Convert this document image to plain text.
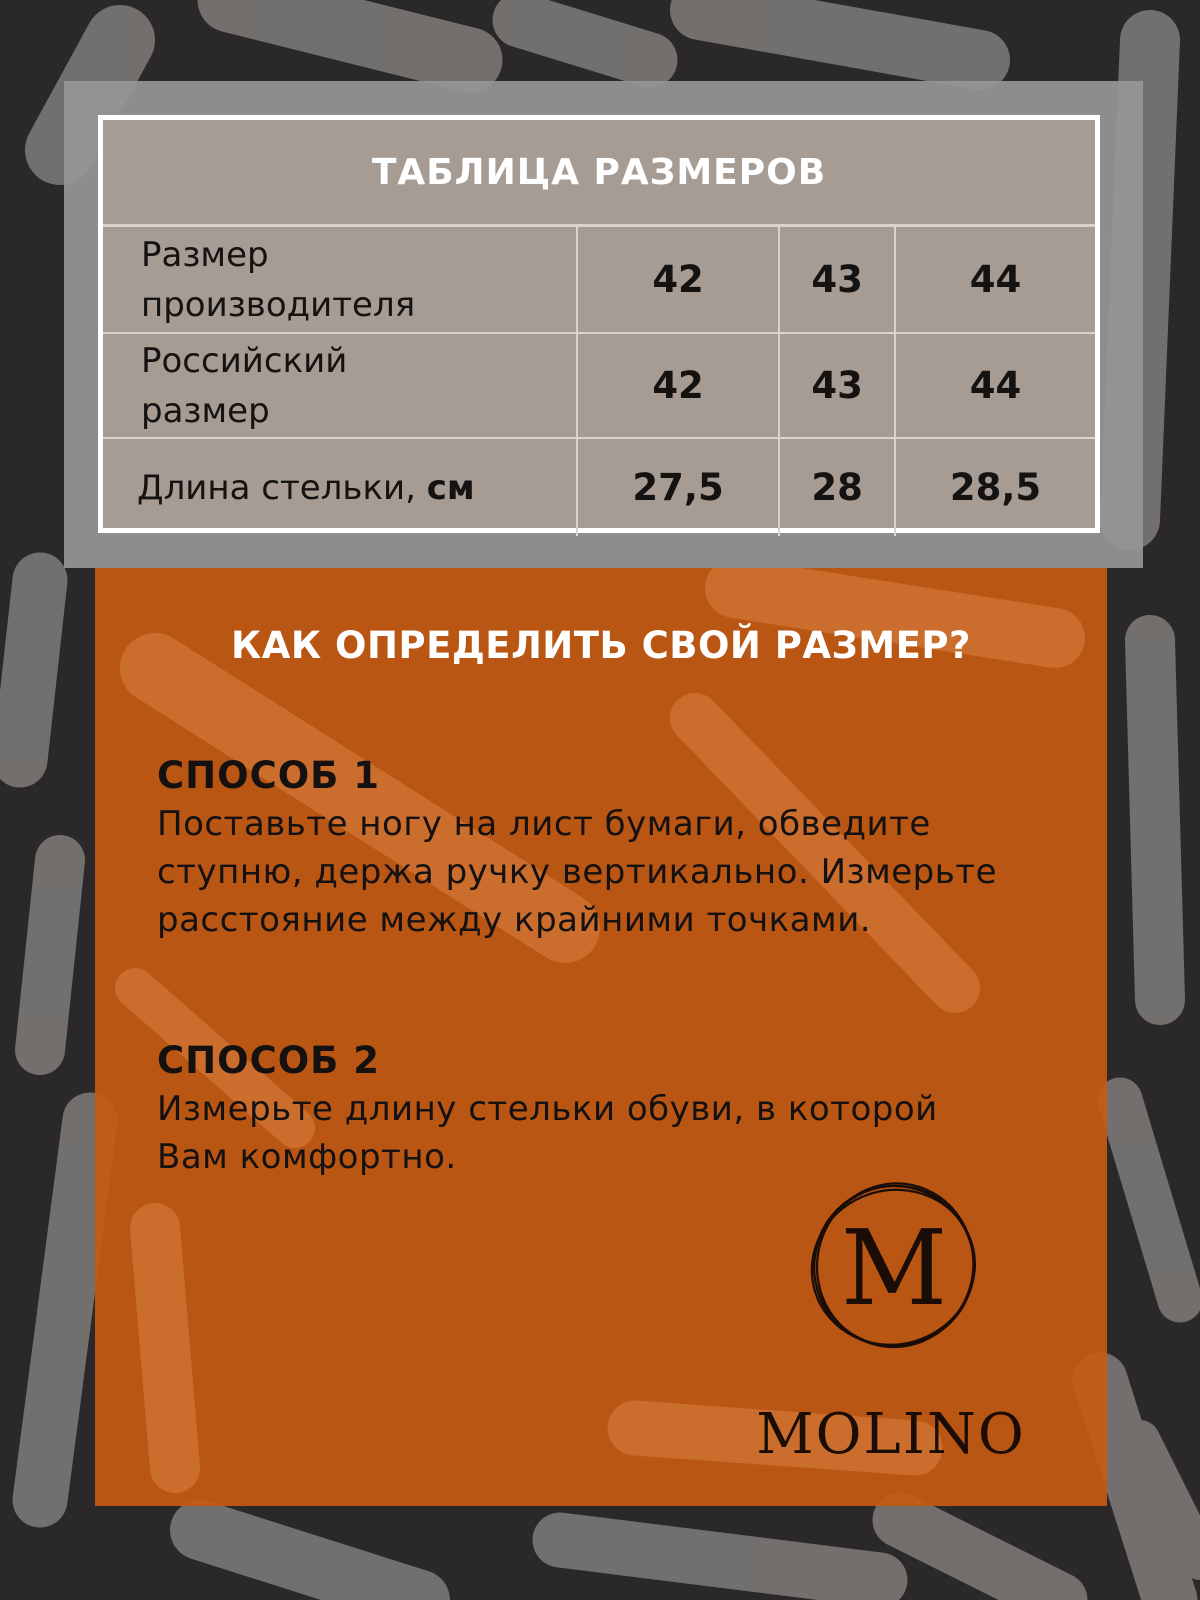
ТАБЛИЦА РАЗМЕРОВ
Размер
производителя	42	43	44
Российский
размер	42	43	44
Длина стельки, см	27,5	28	28,5
КАК ОПРЕДЕЛИТЬ СВОЙ РАЗМЕР?
СПОСОБ 1
Поставьте ногу на лист бумаги, обведите
ступню, держа ручку вертикально. Измерьте
расстояние между крайними точками.
СПОСОБ 2
Измерьте длину стельки обуви, в которой
Вам комфортно.
M
MOLINO
